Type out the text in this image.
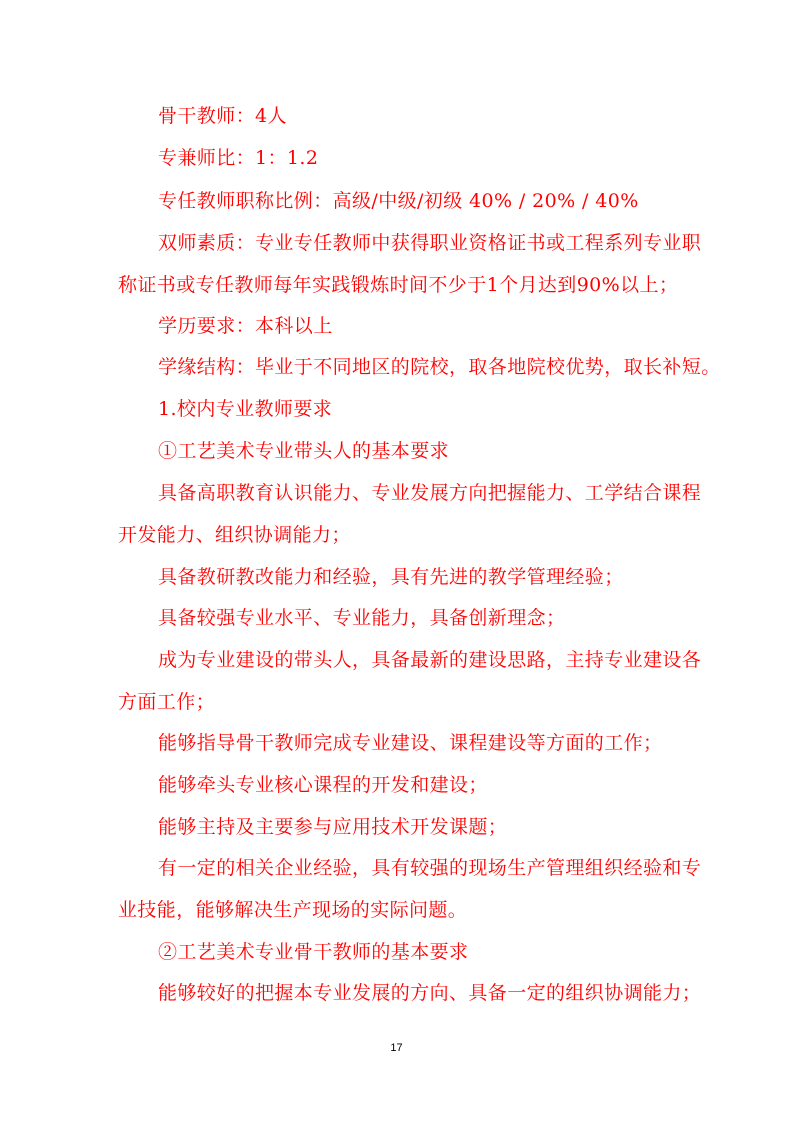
骨干教师：4人
专兼师比：1：1.2
专任教师职称比例：高级/中级/初级 40% / 20% / 40%
双师素质：专业专任教师中获得职业资格证书或工程系列专业职
称证书或专任教师每年实践锻炼时间不少于1个月达到90%以上；
学历要求：本科以上
学缘结构：毕业于不同地区的院校，取各地院校优势，取长补短。
1.校内专业教师要求
①工艺美术专业带头人的基本要求
具备高职教育认识能力、专业发展方向把握能力、工学结合课程
开发能力、组织协调能力；
具备教研教改能力和经验，具有先进的教学管理经验；
具备较强专业水平、专业能力，具备创新理念；
成为专业建设的带头人，具备最新的建设思路，主持专业建设各
方面工作；
能够指导骨干教师完成专业建设、课程建设等方面的工作；
能够牵头专业核心课程的开发和建设；
能够主持及主要参与应用技术开发课题；
有一定的相关企业经验，具有较强的现场生产管理组织经验和专
业技能，能够解决生产现场的实际问题。
②工艺美术专业骨干教师的基本要求
能够较好的把握本专业发展的方向、具备一定的组织协调能力；
17
